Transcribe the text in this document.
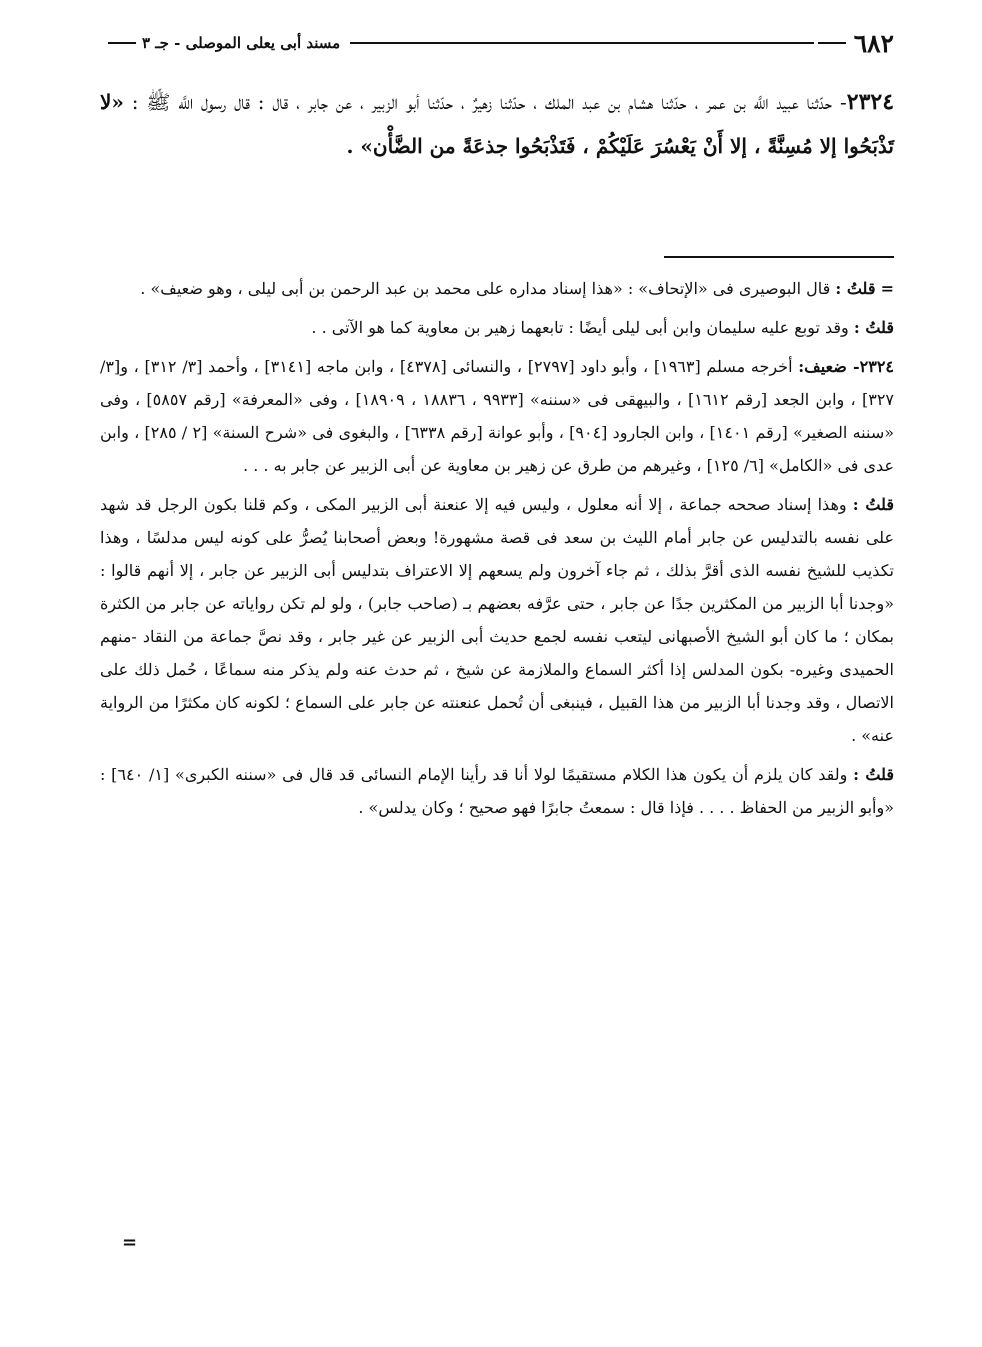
٦٨٢
مسند أبى يعلى الموصلى - جـ ٣
٢٣٢٤- حدّثنا عبيد اللَّه بن عمر ، حدّثنا هشام بن عبد الملك ، حدّثنا زهيرٌ ، حدّثنا أبو الزبير ، عن جابر ، قال : قال رسول اللَّه ﷺ : «لا تَذْبَحُوا إلا مُسِنَّةً ، إلا أَنْ يَعْسُرَ عَلَيْكُمْ ، فَتَذْبَحُوا جذعَةً من الضَّأْن» .

= قلتُ : قال البوصيرى فى «الإتحاف» : «هذا إسناد مداره على محمد بن عبد الرحمن بن أبى ليلى ، وهو ضعيف» .

قلتُ : وقد توبع عليه سليمان وابن أبى ليلى أيضًا : تابعهما زهير بن معاوية كما هو الآتى . .

٢٣٢٤- ضعيف: أخرجه مسلم [١٩٦٣] ، وأبو داود [٢٧٩٧] ، والنسائى [٤٣٧٨] ، وابن ماجه [٣١٤١] ، وأحمد [٣/ ٣١٢] ، و[٣/ ٣٢٧] ، وابن الجعد [رقم ١٦١٢] ، والبيهقى فى «سننه» [٩٩٣٣ ، ١٨٨٣٦ ، ١٨٩٠٩] ، وفى «المعرفة» [رقم ٥٨٥٧] ، وفى «سننه الصغير» [رقم ١٤٠١] ، وابن الجارود [٩٠٤] ، وأبو عوانة [رقم ٦٣٣٨] ، والبغوى فى «شرح السنة» [٢ / ٢٨٥] ، وابن عدى فى «الكامل» [٦/ ١٢٥] ، وغيرهم من طرق عن زهير بن معاوية عن أبى الزبير عن جابر به . . .

قلتُ : وهذا إسناد صححه جماعة ، إلا أنه معلول ، وليس فيه إلا عنعنة أبى الزبير المكى ، وكم قلنا بكون الرجل قد شهد على نفسه بالتدليس عن جابر أمام الليث بن سعد فى قصة مشهورة! وبعض أصحابنا يُصرُّ على كونه ليس مدلسًا ، وهذا تكذيب للشيخ نفسه الذى أقرَّ بذلك ، ثم جاء آخرون ولم يسعهم إلا الاعتراف بتدليس أبى الزبير عن جابر ، إلا أنهم قالوا : «وجدنا أبا الزبير من المكثرين جدًا عن جابر ، حتى عرَّفه بعضهم بـ (صاحب جابر) ، ولو لم تكن رواياته عن جابر من الكثرة بمكان ؛ ما كان أبو الشيخ الأصبهانى ليتعب نفسه لجمع حديث أبى الزبير عن غير جابر ، وقد نصَّ جماعة من النقاد -منهم الحميدى وغيره- بكون المدلس إذا أكثر السماع والملازمة عن شيخ ، ثم حدث عنه ولم يذكر منه سماعًا ، حُمل ذلك على الاتصال ، وقد وجدنا أبا الزبير من هذا القبيل ، فينبغى أن تُحمل عنعنته عن جابر على السماع ؛ لكونه كان مكثرًا من الرواية عنه» .

قلتُ : ولقد كان يلزم أن يكون هذا الكلام مستقيمًا لولا أنا قد رأينا الإمام النسائى قد قال فى «سننه الكبرى» [١/ ٦٤٠] : «وأبو الزبير من الحفاظ . . . . فإذا قال : سمعتُ جابرًا فهو صحيح ؛ وكان يدلس» .

=
